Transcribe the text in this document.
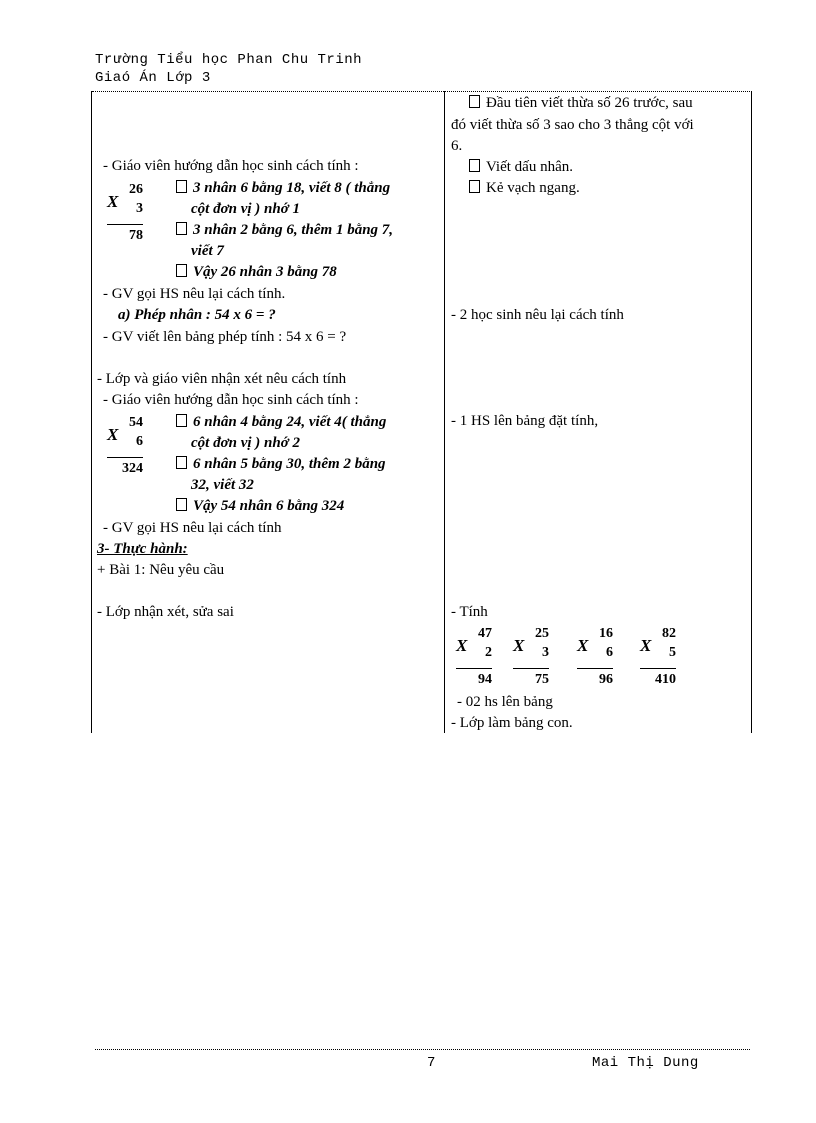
Trường Tiểu học Phan Chu Trinh
Giaó Án Lớp 3
- Giáo viên hướng dẫn học sinh cách tính :
X
26
3
78
3 nhân 6 bằng 18, viết 8 ( thẳng
cột đơn vị ) nhớ 1
3 nhân 2 bằng 6, thêm 1 bằng 7,
viết 7
Vậy 26 nhân 3 bằng 78
- GV gọi HS nêu lại cách tính.
a) Phép nhân : 54 x 6 = ?
- GV viết lên bảng phép tính : 54 x 6 = ?
- Lớp và giáo viên nhận xét nêu cách tính
- Giáo viên hướng dẫn học sinh cách tính :
X
54
6
324
6 nhân 4 bằng 24, viết 4( thẳng
cột đơn vị ) nhớ 2
6 nhân 5 bằng 30, thêm 2 bằng
32, viết 32
Vậy 54 nhân 6 bằng 324
- GV gọi HS nêu lại cách tính
3- Thực hành:
+ Bài 1: Nêu yêu cầu
- Lớp nhận xét, sửa sai
Đầu tiên viết thừa số 26 trước, sau
đó viết thừa số 3 sao cho 3 thẳng cột với
6.
Viết dấu nhân.
Kẻ vạch ngang.
- 2 học sinh nêu lại cách tính
- 1 HS lên bảng đặt tính,
- Tính
X
47
2
94
X
25
3
75
X
16
6
96
X
82
5
410
- 02 hs lên bảng
- Lớp làm bảng con.
7	Mai Thị Dung
